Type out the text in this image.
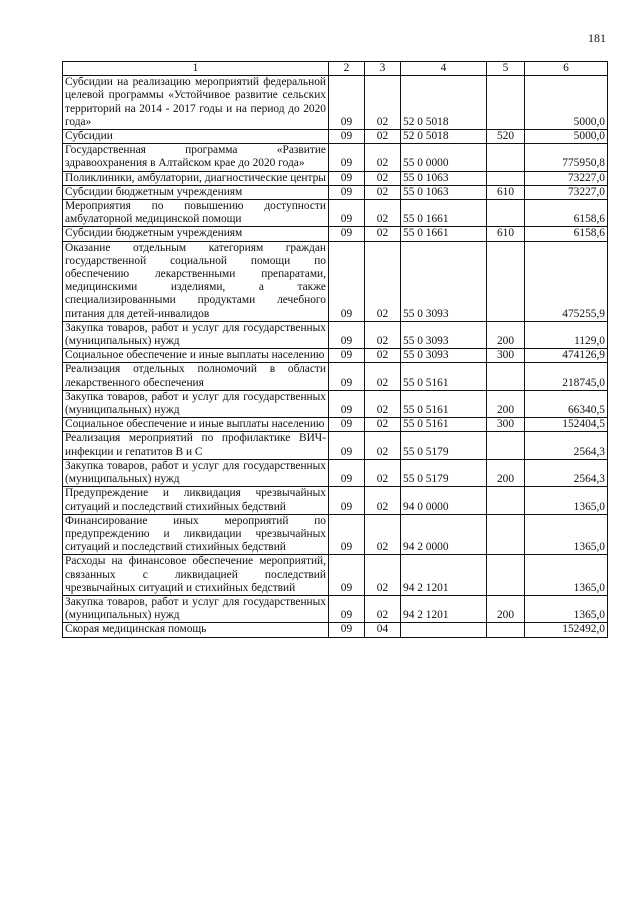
181
1	2	3	4	5	6
Субсидии на реализацию мероприятий федеральной целевой программы «Устойчивое развитие сельских территорий на 2014 - 2017 годы и на период до 2020 года»	09	02	52 0 5018		5000,0
Субсидии	09	02	52 0 5018	520	5000,0
Государственная программа «Развитие здравоохранения в Алтайском крае до 2020 года»	09	02	55 0 0000		775950,8
Поликлиники, амбулатории, диагностические центры	09	02	55 0 1063		73227,0
Субсидии бюджетным учреждениям	09	02	55 0 1063	610	73227,0
Мероприятия по повышению доступности амбулаторной медицинской помощи	09	02	55 0 1661		6158,6
Субсидии бюджетным учреждениям	09	02	55 0 1661	610	6158,6
Оказание отдельным категориям граждан государственной социальной помощи по обеспечению лекарственными препаратами, медицинскими изделиями, а также специализированными продуктами лечебного питания для детей-инвалидов	09	02	55 0 3093		475255,9
Закупка товаров, работ и услуг для государственных (муниципальных) нужд	09	02	55 0 3093	200	1129,0
Социальное обеспечение и иные выплаты населению	09	02	55 0 3093	300	474126,9
Реализация отдельных полномочий в области лекарственного обеспечения	09	02	55 0 5161		218745,0
Закупка товаров, работ и услуг для государственных (муниципальных) нужд	09	02	55 0 5161	200	66340,5
Социальное обеспечение и иные выплаты населению	09	02	55 0 5161	300	152404,5
Реализация мероприятий по профилактике ВИЧ-инфекции и гепатитов B и C	09	02	55 0 5179		2564,3
Закупка товаров, работ и услуг для государственных (муниципальных) нужд	09	02	55 0 5179	200	2564,3
Предупреждение и ликвидация чрезвычайных ситуаций и последствий стихийных бедствий	09	02	94 0 0000		1365,0
Финансирование иных мероприятий по предупреждению и ликвидации чрезвычайных ситуаций и последствий стихийных бедствий	09	02	94 2 0000		1365,0
Расходы на финансовое обеспечение мероприятий, связанных с ликвидацией последствий чрезвычайных ситуаций и стихийных бедствий	09	02	94 2 1201		1365,0
Закупка товаров, работ и услуг для государственных (муниципальных) нужд	09	02	94 2 1201	200	1365,0
Скорая медицинская помощь	09	04			152492,0
